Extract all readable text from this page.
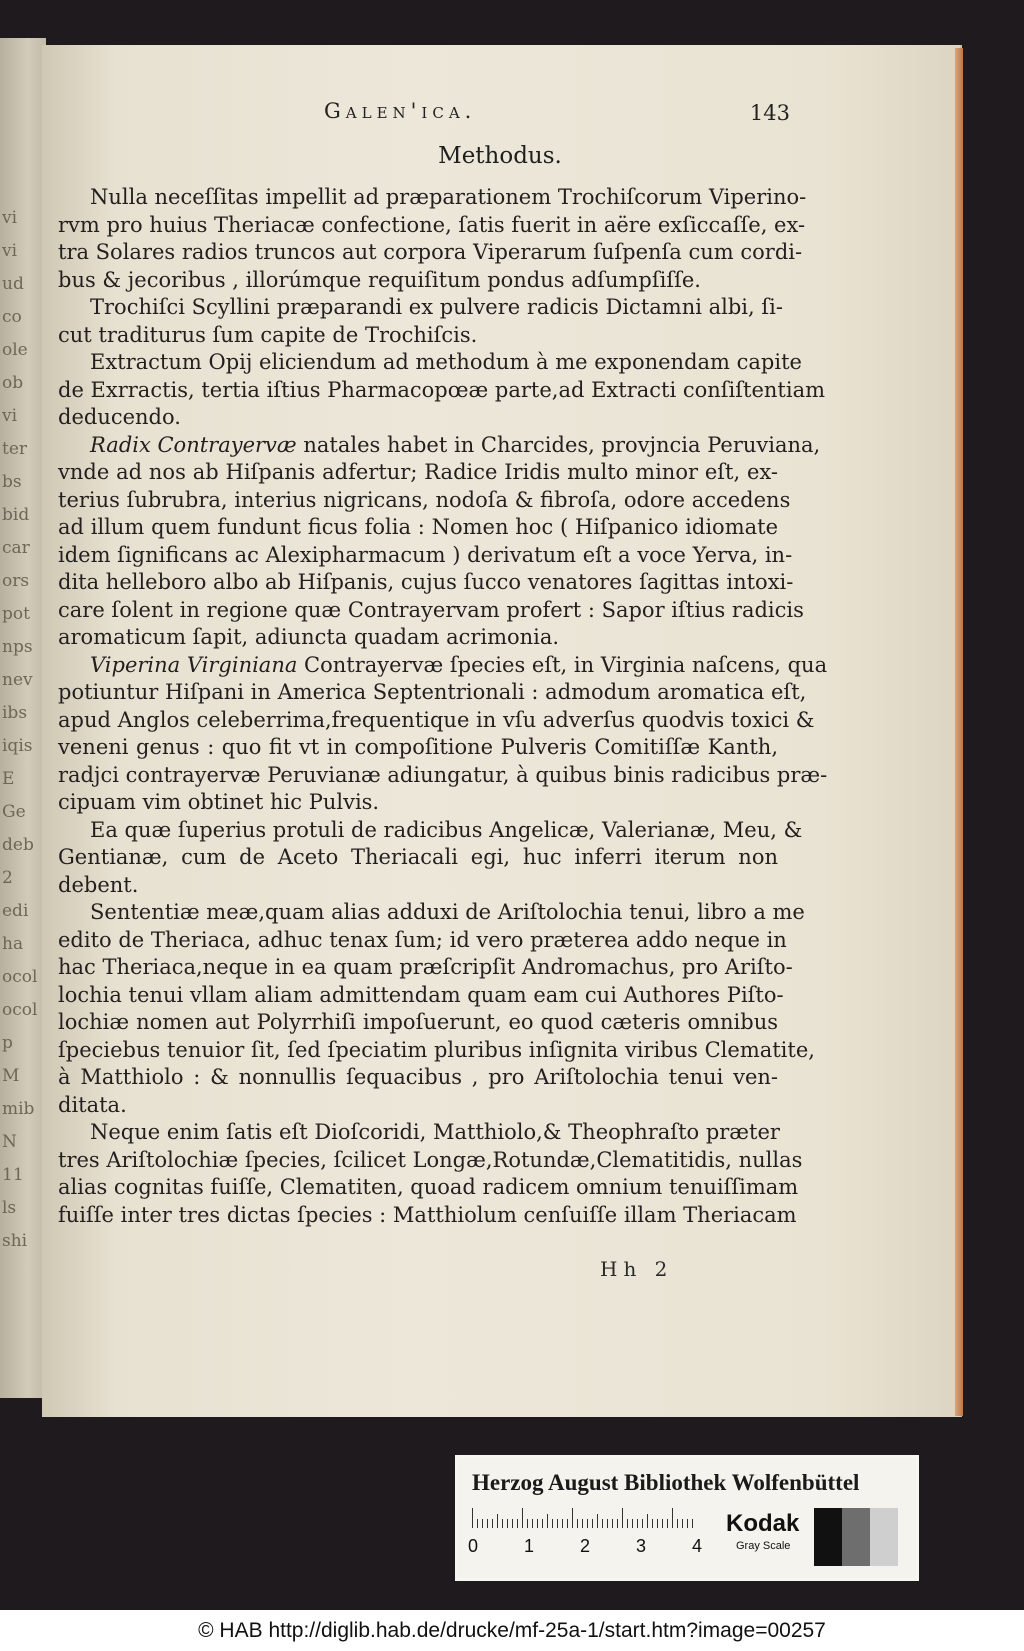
vi
vi
ud
co
ole
ob
vi
ter
bs
bid
car
ors
pot
nps
nev
ibs
iqis
E
Ge
deb
2
edi
ha
ocol
ocol
p
M
mib
N
11
ls
shi
Galen'ica.	143
Methodus.
Nulla neceſſitas impellit ad præparationem Trochiſcorum Viperino-
rvm pro huius Theriacæ confectione, ſatis fuerit in aëre exſiccaſſe, ex-
tra Solares radios truncos aut corpora Viperarum ſuſpenſa cum cordi-
bus & jecoribus , illorúmque requiſitum pondus adſumpſiſſe.
Trochiſci Scyllini præparandi ex pulvere radicis Dictamni albi, ſi-
cut traditurus ſum capite de Trochiſcis.
Extractum Opij eliciendum ad methodum à me exponendam capite
de Exrractis, tertia iſtius Pharmacopœæ parte,ad Extracti conſiſtentiam
deducendo.
Radix Contrayervæ natales habet in Charcides, provjncia Peruviana,
vnde ad nos ab Hiſpanis adfertur; Radice Iridis multo minor eſt, ex-
terius ſubrubra, interius nigricans, nodoſa & fibroſa, odore accedens
ad illum quem fundunt ficus folia : Nomen hoc ( Hiſpanico idiomate
idem ſignificans ac Alexipharmacum ) derivatum eſt a voce Yerva, in-
dita helleboro albo ab Hiſpanis, cujus ſucco venatores ſagittas intoxi-
care ſolent in regione quæ Contrayervam profert : Sapor iſtius radicis
aromaticum ſapit, adiuncta quadam acrimonia.
Viperina Virginiana Contrayervæ ſpecies eſt, in Virginia naſcens, qua
potiuntur Hiſpani in America Septentrionali : admodum aromatica eſt,
apud Anglos celeberrima,frequentique in vſu adverſus quodvis toxici &
veneni genus : quo fit vt in compoſitione Pulveris Comitiſſæ Kanth,
radjci contrayervæ Peruvianæ adiungatur, à quibus binis radicibus præ-
cipuam vim obtinet hic Pulvis.
Ea quæ ſuperius protuli de radicibus Angelicæ, Valerianæ, Meu, &
Gentianæ, cum de Aceto Theriacali egi, huc inferri iterum non
debent.
Sententiæ meæ,quam alias adduxi de Ariſtolochia tenui, libro a me
edito de Theriaca, adhuc tenax ſum; id vero præterea addo neque in
hac Theriaca,neque in ea quam præſcripſit Andromachus, pro Ariſto-
lochia tenui vllam aliam admittendam quam eam cui Authores Piſto-
lochiæ nomen aut Polyrrhiſi impoſuerunt, eo quod cæteris omnibus
ſpeciebus tenuior ſit, ſed ſpeciatim pluribus inſignita viribus Clematite,
à Matthiolo : & nonnullis ſequacibus , pro Ariſtolochia tenui ven-
ditata.
Neque enim ſatis eſt Dioſcoridi, Matthiolo,& Theophraſto præter
tres Ariſtolochiæ ſpecies, ſcilicet Longæ,Rotundæ,Clematitidis, nullas
alias cognitas fuiſſe, Clematiten, quoad radicem omnium tenuiſſimam
fuiſſe inter tres dictas ſpecies : Matthiolum cenſuiſſe illam Theriacam
Hh 2
Herzog August Bibliothek Wolfenbüttel
0	1	2	3	4
Kodak
Gray Scale
© HAB http://diglib.hab.de/drucke/mf-25a-1/start.htm?image=00257
